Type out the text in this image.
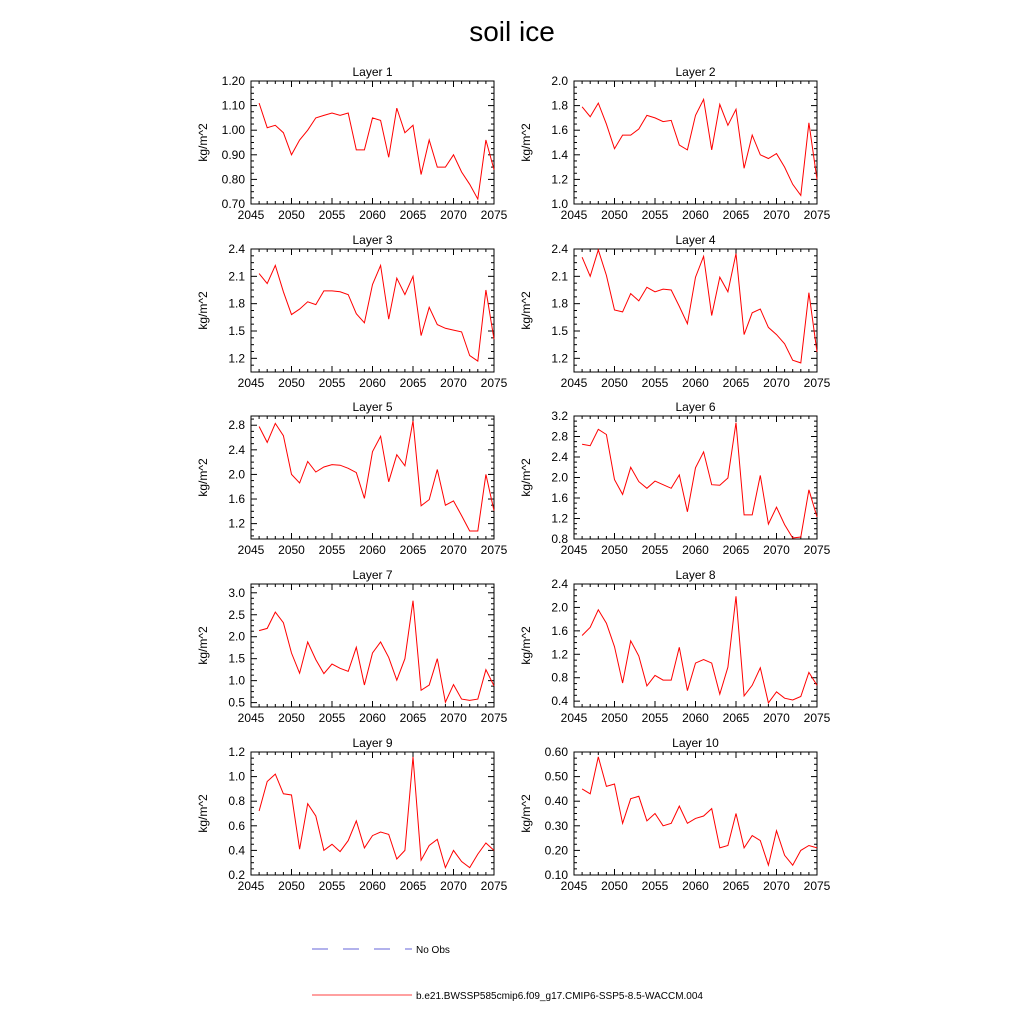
soil ice
2045 2050 2055 2060 2065 2070 2075
0.70
0.80
0.90
1.00
1.10
1.20
Layer 1
kg/m^2
2045 2050 2055 2060 2065 2070 2075
1.0
1.2
1.4
1.6
1.8
2.0
Layer 2
kg/m^2
2045 2050 2055 2060 2065 2070 2075
1.2
1.5
1.8
2.1
2.4
Layer 3
kg/m^2
2045 2050 2055 2060 2065 2070 2075
1.2
1.5
1.8
2.1
2.4
Layer 4
kg/m^2
2045 2050 2055 2060 2065 2070 2075
1.2
1.6
2.0
2.4
2.8
Layer 5
kg/m^2
2045 2050 2055 2060 2065 2070 2075
0.8
1.2
1.6
2.0
2.4
2.8
3.2
Layer 6
kg/m^2
2045 2050 2055 2060 2065 2070 2075
0.5
1.0
1.5
2.0
2.5
3.0
Layer 7
kg/m^2
2045 2050 2055 2060 2065 2070 2075
0.4
0.8
1.2
1.6
2.0
2.4
Layer 8
kg/m^2
2045 2050 2055 2060 2065 2070 2075
0.2
0.4
0.6
0.8
1.0
1.2
Layer 9
kg/m^2
2045 2050 2055 2060 2065 2070 2075
0.10
0.20
0.30
0.40
0.50
0.60
Layer 10
kg/m^2
No Obs
b.e21.BWSSP585cmip6.f09_g17.CMIP6-SSP5-8.5-WACCM.004
